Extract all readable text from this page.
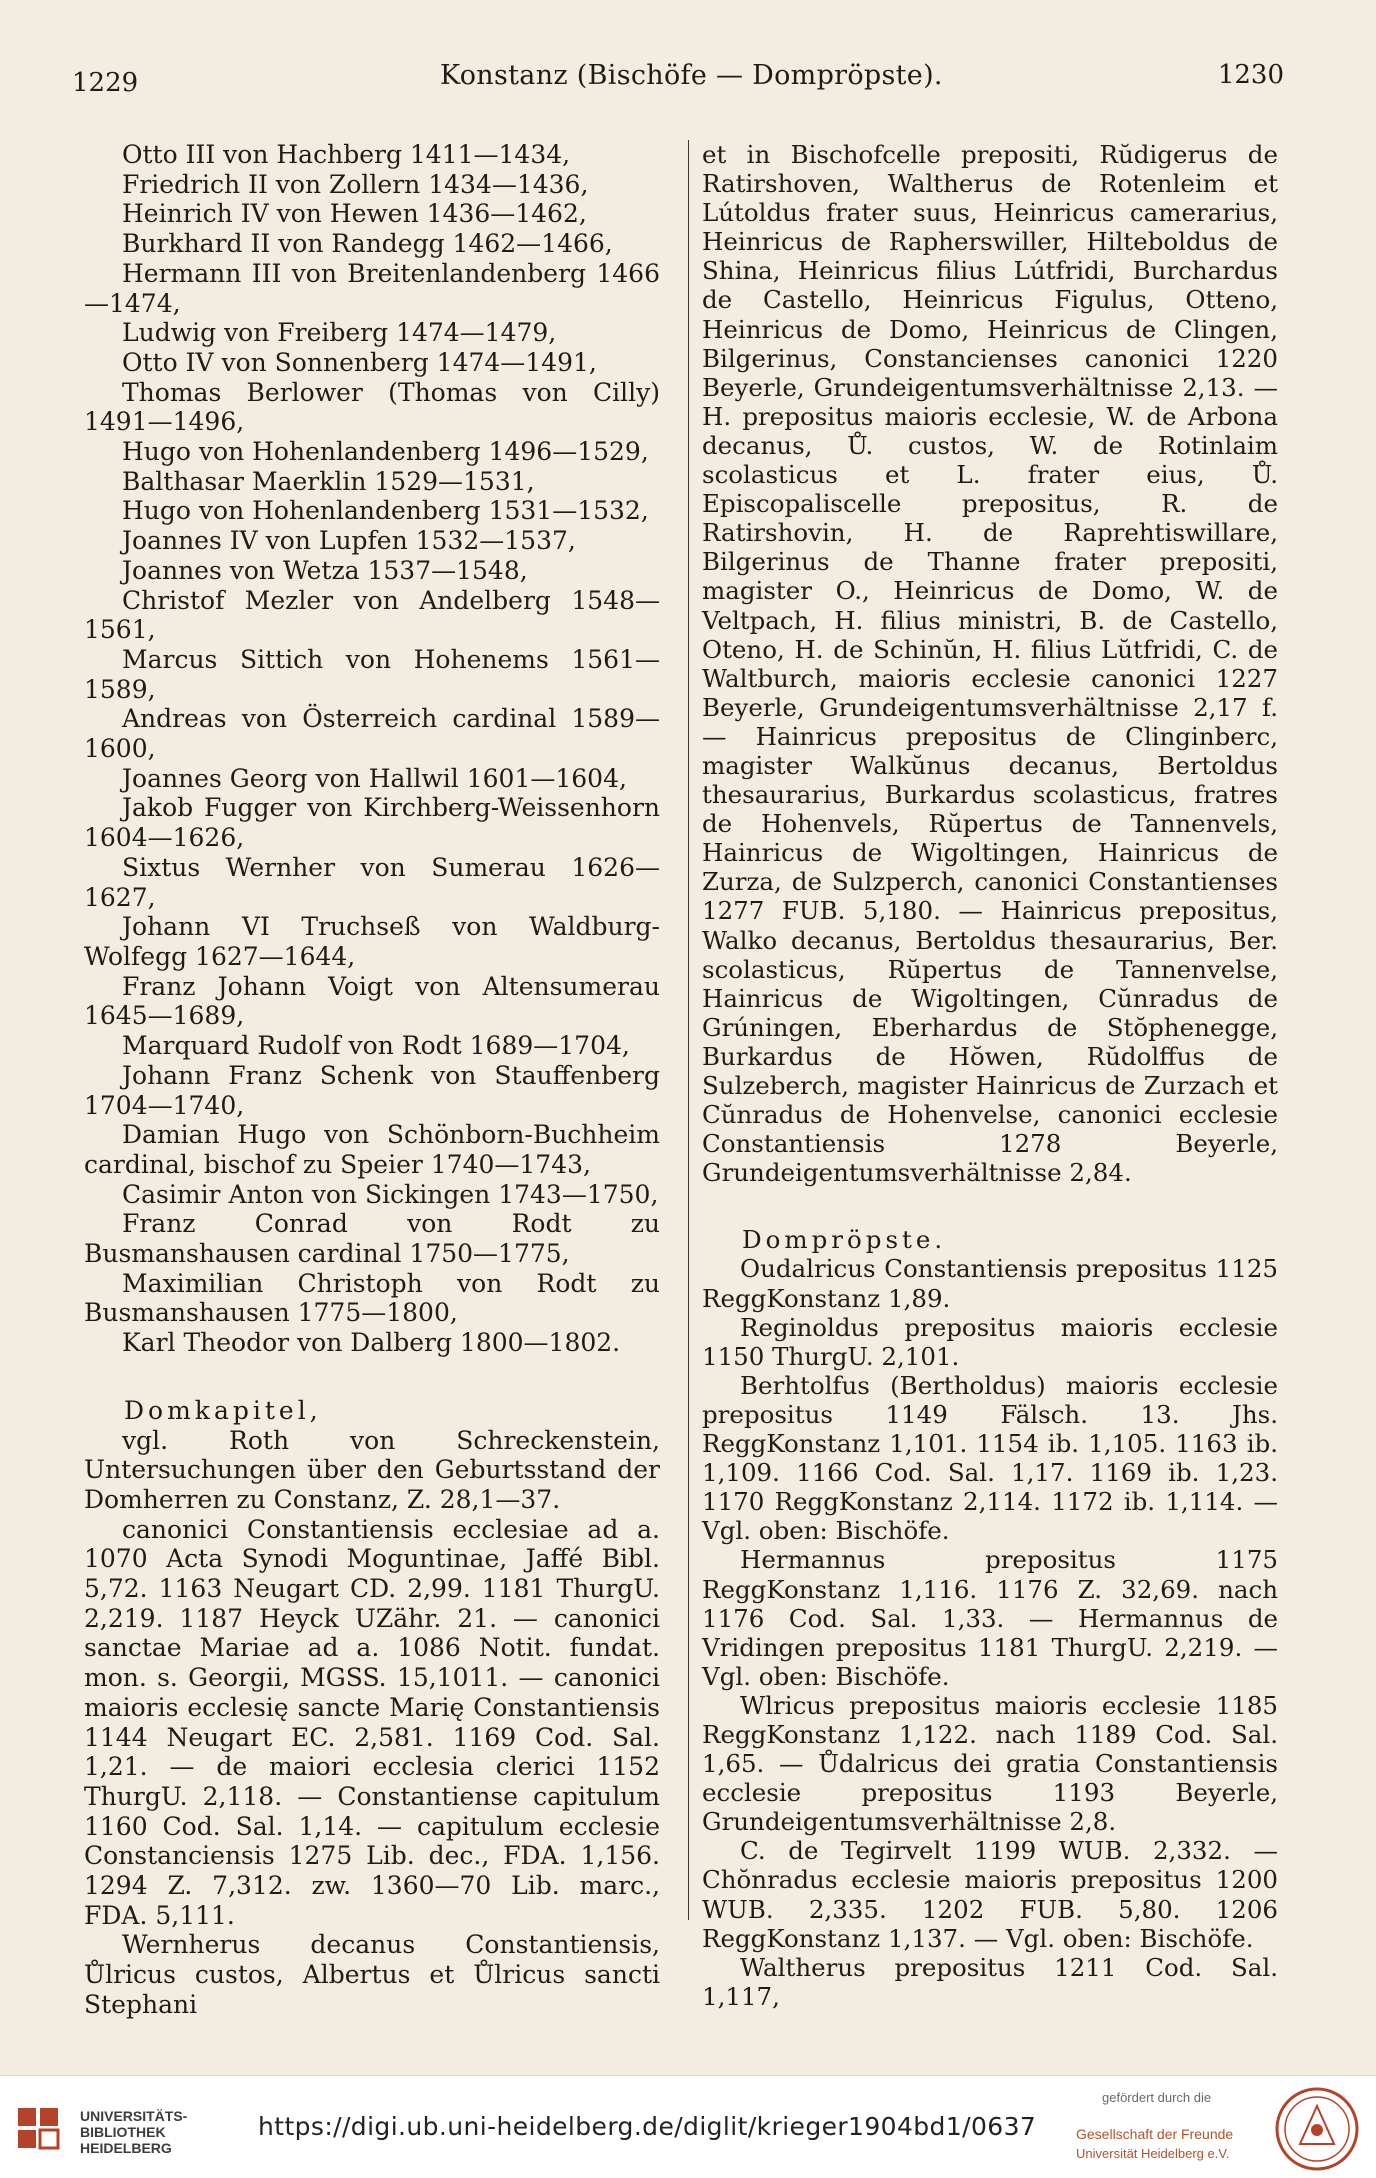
1229	Konstanz (Bischöfe — Dompröpste).	1230

Otto III von Hachberg 1411—1434,

Friedrich II von Zollern 1434—1436,

Heinrich IV von Hewen 1436—1462,

Burkhard II von Randegg 1462—1466,

Hermann III von Breitenlandenberg 1466 —1474,

Ludwig von Freiberg 1474—1479,

Otto IV von Sonnenberg 1474—1491,

Thomas Berlower (Thomas von Cilly) 1491—1496,

Hugo von Hohenlandenberg 1496—1529,

Balthasar Maerklin 1529—1531,

Hugo von Hohenlandenberg 1531—1532,

Joannes IV von Lupfen 1532—1537,

Joannes von Wetza 1537—1548,

Christof Mezler von Andelberg 1548—1561,

Marcus Sittich von Hohenems 1561—1589,

Andreas von Österreich cardinal 1589—1600,

Joannes Georg von Hallwil 1601—1604,

Jakob Fugger von Kirchberg-Weissenhorn 1604—1626,

Sixtus Wernher von Sumerau 1626—1627,

Johann VI Truchseß von Waldburg-Wolfegg 1627—1644,

Franz Johann Voigt von Altensumerau 1645—1689,

Marquard Rudolf von Rodt 1689—1704,

Johann Franz Schenk von Stauffenberg 1704—1740,

Damian Hugo von Schönborn-Buchheim cardinal, bischof zu Speier 1740—1743,

Casimir Anton von Sickingen 1743—1750,

Franz Conrad von Rodt zu Busmanshausen cardinal 1750—1775,

Maximilian Christoph von Rodt zu Busmanshausen 1775—1800,

Karl Theodor von Dalberg 1800—1802.

Domkapitel,

vgl. Roth von Schreckenstein, Untersuchungen über den Geburtsstand der Domherren zu Constanz, Z. 28,1—37.

canonici Constantiensis ecclesiae ad a. 1070 Acta Synodi Moguntinae, Jaffé Bibl. 5,72. 1163 Neugart CD. 2,99. 1181 ThurgU. 2,219. 1187 Heyck UZähr. 21. — canonici sanctae Mariae ad a. 1086 Notit. fundat. mon. s. Georgii, MGSS. 15,1011. — canonici maioris ecclesię sancte Marię Constantiensis 1144 Neugart EC. 2,581. 1169 Cod. Sal. 1,21. — de maiori ecclesia clerici 1152 ThurgU. 2,118. — Constantiense capitulum 1160 Cod. Sal. 1,14. — capitulum ecclesie Constanciensis 1275 Lib. dec., FDA. 1,156. 1294 Z. 7,312. zw. 1360—70 Lib. marc., FDA. 5,111.

Wernherus decanus Constantiensis, Ůlricus custos, Albertus et Ůlricus sancti Stephani

et in Bischofcelle prepositi, Rŭdigerus de Ratirshoven, Waltherus de Rotenleim et Lútoldus frater suus, Heinricus camerarius, Heinricus de Rapherswiller, Hilteboldus de Shina, Heinricus filius Lútfridi, Burchardus de Castello, Heinricus Figulus, Otteno, Heinricus de Domo, Heinricus de Clingen, Bilgerinus, Constancienses canonici 1220 Beyerle, Grundeigentumsverhältnisse 2,13. — H. prepositus maioris ecclesie, W. de Arbona decanus, Ů. custos, W. de Rotinlaim scolasticus et L. frater eius, Ů. Episcopaliscelle prepositus, R. de Ratirshovin, H. de Raprehtiswillare, Bilgerinus de Thanne frater prepositi, magister O., Heinricus de Domo, W. de Veltpach, H. filius ministri, B. de Castello, Oteno, H. de Schinŭn, H. filius Lŭtfridi, C. de Waltburch, maioris ecclesie canonici 1227 Beyerle, Grundeigentumsverhältnisse 2,17 f. — Hainricus prepositus de Clinginberc, magister Walkŭnus decanus, Bertoldus thesaurarius, Burkardus scolasticus, fratres de Hohenvels, Rŭpertus de Tannenvels, Hainricus de Wigoltingen, Hainricus de Zurza, de Sulzperch, canonici Constantienses 1277 FUB. 5,180. — Hainricus prepositus, Walko decanus, Bertoldus thesaurarius, Ber. scolasticus, Rŭpertus de Tannenvelse, Hainricus de Wigoltingen, Cŭnradus de Grúningen, Eberhardus de Stŏphenegge, Burkardus de Hŏwen, Rŭdolffus de Sulzeberch, magister Hainricus de Zurzach et Cŭnradus de Hohenvelse, canonici ecclesie Constantiensis 1278 Beyerle, Grundeigentumsverhältnisse 2,84.

Dompröpste.

Oudalricus Constantiensis prepositus 1125 ReggKonstanz 1,89.

Reginoldus prepositus maioris ecclesie 1150 ThurgU. 2,101.

Berhtolfus (Bertholdus) maioris ecclesie prepositus 1149 Fälsch. 13. Jhs. ReggKonstanz 1,101. 1154 ib. 1,105. 1163 ib. 1,109. 1166 Cod. Sal. 1,17. 1169 ib. 1,23. 1170 ReggKonstanz 2,114. 1172 ib. 1,114. — Vgl. oben: Bischöfe.

Hermannus prepositus 1175 ReggKonstanz 1,116. 1176 Z. 32,69. nach 1176 Cod. Sal. 1,33. — Hermannus de Vridingen prepositus 1181 ThurgU. 2,219. — Vgl. oben: Bischöfe.

Wlricus prepositus maioris ecclesie 1185 ReggKonstanz 1,122. nach 1189 Cod. Sal. 1,65. — Ůdalricus dei gratia Constantiensis ecclesie prepositus 1193 Beyerle, Grundeigentumsverhältnisse 2,8.

C. de Tegirvelt 1199 WUB. 2,332. — Chŏnradus ecclesie maioris prepositus 1200 WUB. 2,335. 1202 FUB. 5,80. 1206 ReggKonstanz 1,137. — Vgl. oben: Bischöfe.

Waltherus prepositus 1211 Cod. Sal. 1,117,

UNIVERSITÄTS-
BIBLIOTHEK
HEIDELBERG
https://digi.ub.uni-heidelberg.de/diglit/krieger1904bd1/0637
gefördert durch die
Gesellschaft der Freunde
Universität Heidelberg e.V.
